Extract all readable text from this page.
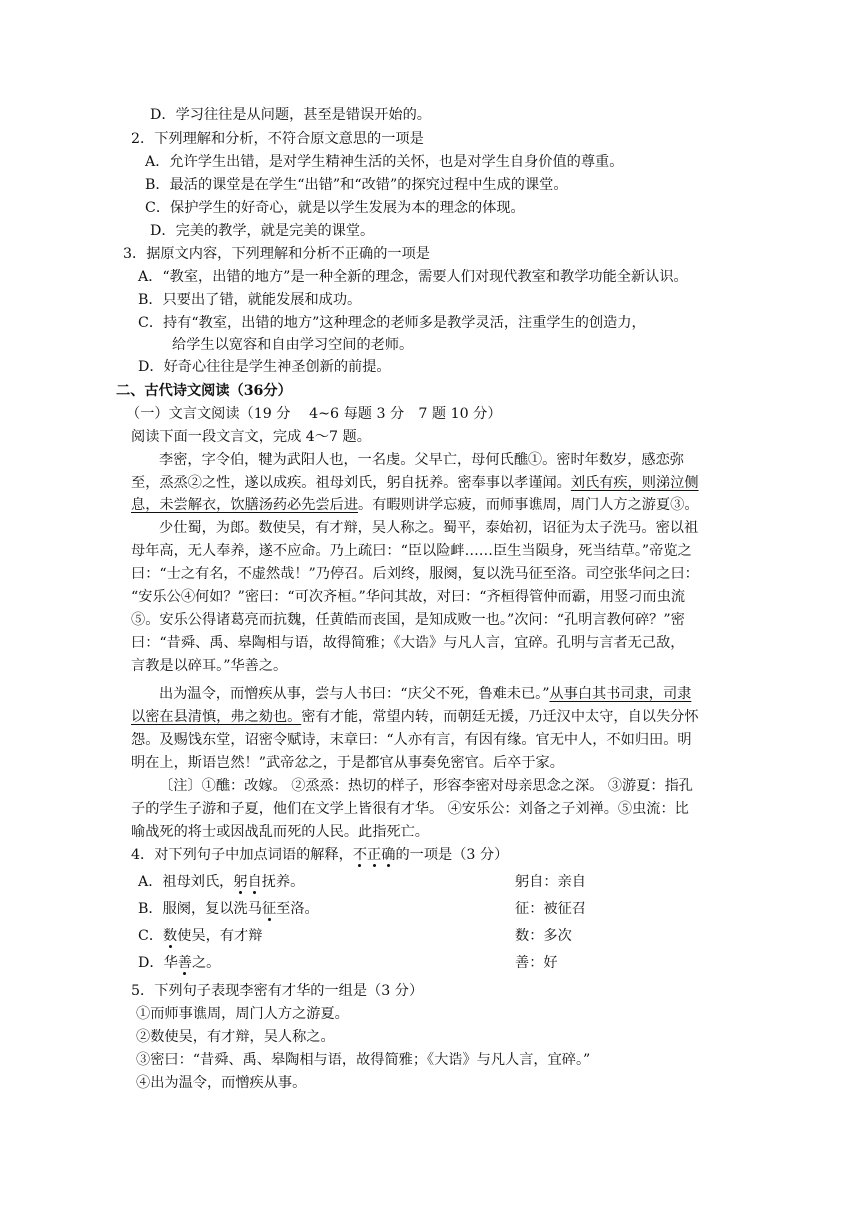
D．学习往往是从问题，甚至是错误开始的。
2．下列理解和分析，不符合原文意思的一项是
A．允许学生出错，是对学生精神生活的关怀，也是对学生自身价值的尊重。
B．最活的课堂是在学生“出错”和“改错”的探究过程中生成的课堂。
C．保护学生的好奇心，就是以学生发展为本的理念的体现。
D．完美的教学，就是完美的课堂。
3．据原文内容，下列理解和分析不正确的一项是
A．“教室，出错的地方”是一种全新的理念，需要人们对现代教室和教学功能全新认识。
B．只要出了错，就能发展和成功。
C．持有“教室，出错的地方”这种理念的老师多是教学灵活，注重学生的创造力，
给学生以宽容和自由学习空间的老师。
D．好奇心往往是学生神圣创新的前提。
二、古代诗文阅读（36分）
（一）文言文阅读（19 分　 4~6 每题 3 分　7 题 10 分）
阅读下面一段文言文，完成 4～7 题。
李密，字令伯，犍为武阳人也，一名虔。父早亡，母何氏醮①。密时年数岁，感恋弥
至，烝烝②之性，遂以成疾。祖母刘氏，躬自抚养。密奉事以孝谨闻。刘氏有疾，则涕泣侧
息，未尝解衣，饮膳汤药必先尝后进。有暇则讲学忘疲，而师事谯周，周门人方之游夏③。
少仕蜀，为郎。数使吴，有才辩，吴人称之。蜀平，泰始初，诏征为太子洗马。密以祖
母年高，无人奉养，遂不应命。乃上疏曰：“臣以险衅……臣生当陨身，死当结草。”帝览之
曰：“士之有名，不虚然哉！”乃停召。后刘终，服阕，复以洗马征至洛。司空张华问之曰：
“安乐公④何如？”密曰：“可次齐桓。”华问其故，对曰：“齐桓得管仲而霸，用竖刁而虫流
⑤。安乐公得诸葛亮而抗魏，任黄皓而丧国，是知成败一也。”次问：“孔明言教何碎？”密
曰：“昔舜、禹、皋陶相与语，故得简雅；《大诰》与凡人言，宜碎。孔明与言者无己敌，
言教是以碎耳。”华善之。
出为温令，而憎疾从事，尝与人书曰：“庆父不死，鲁难未已。”从事白其书司隶，司隶
以密在县清慎，弗之劾也。密有才能，常望内转，而朝廷无援，乃迁汉中太守，自以失分怀
怨。及赐饯东堂，诏密令赋诗，末章曰：“人亦有言，有因有缘。官无中人，不如归田。明
明在上，斯语岂然！”武帝忿之，于是都官从事奏免密官。后卒于家。
〔注〕①醮：改嫁。 ②烝烝：热切的样子，形容李密对母亲思念之深。 ③游夏：指孔
子的学生子游和子夏，他们在文学上皆很有才华。 ④安乐公：刘备之子刘禅。⑤虫流：比
喻战死的将士或因战乱而死的人民。此指死亡。
4．对下列句子中加点词语的解释，不正确的一项是（3 分）
A．祖母刘氏，躬自抚养。	躬自：亲自
B．服阕，复以洗马征至洛。	征：被征召
C．数使吴，有才辩	数：多次
D．华善之。	善：好
5．下列句子表现李密有才华的一组是（3 分）
①而师事谯周，周门人方之游夏。
②数使吴，有才辩，吴人称之。
③密曰：“昔舜、禹、皋陶相与语，故得简雅；《大诰》与凡人言，宜碎。”
④出为温令，而憎疾从事。
